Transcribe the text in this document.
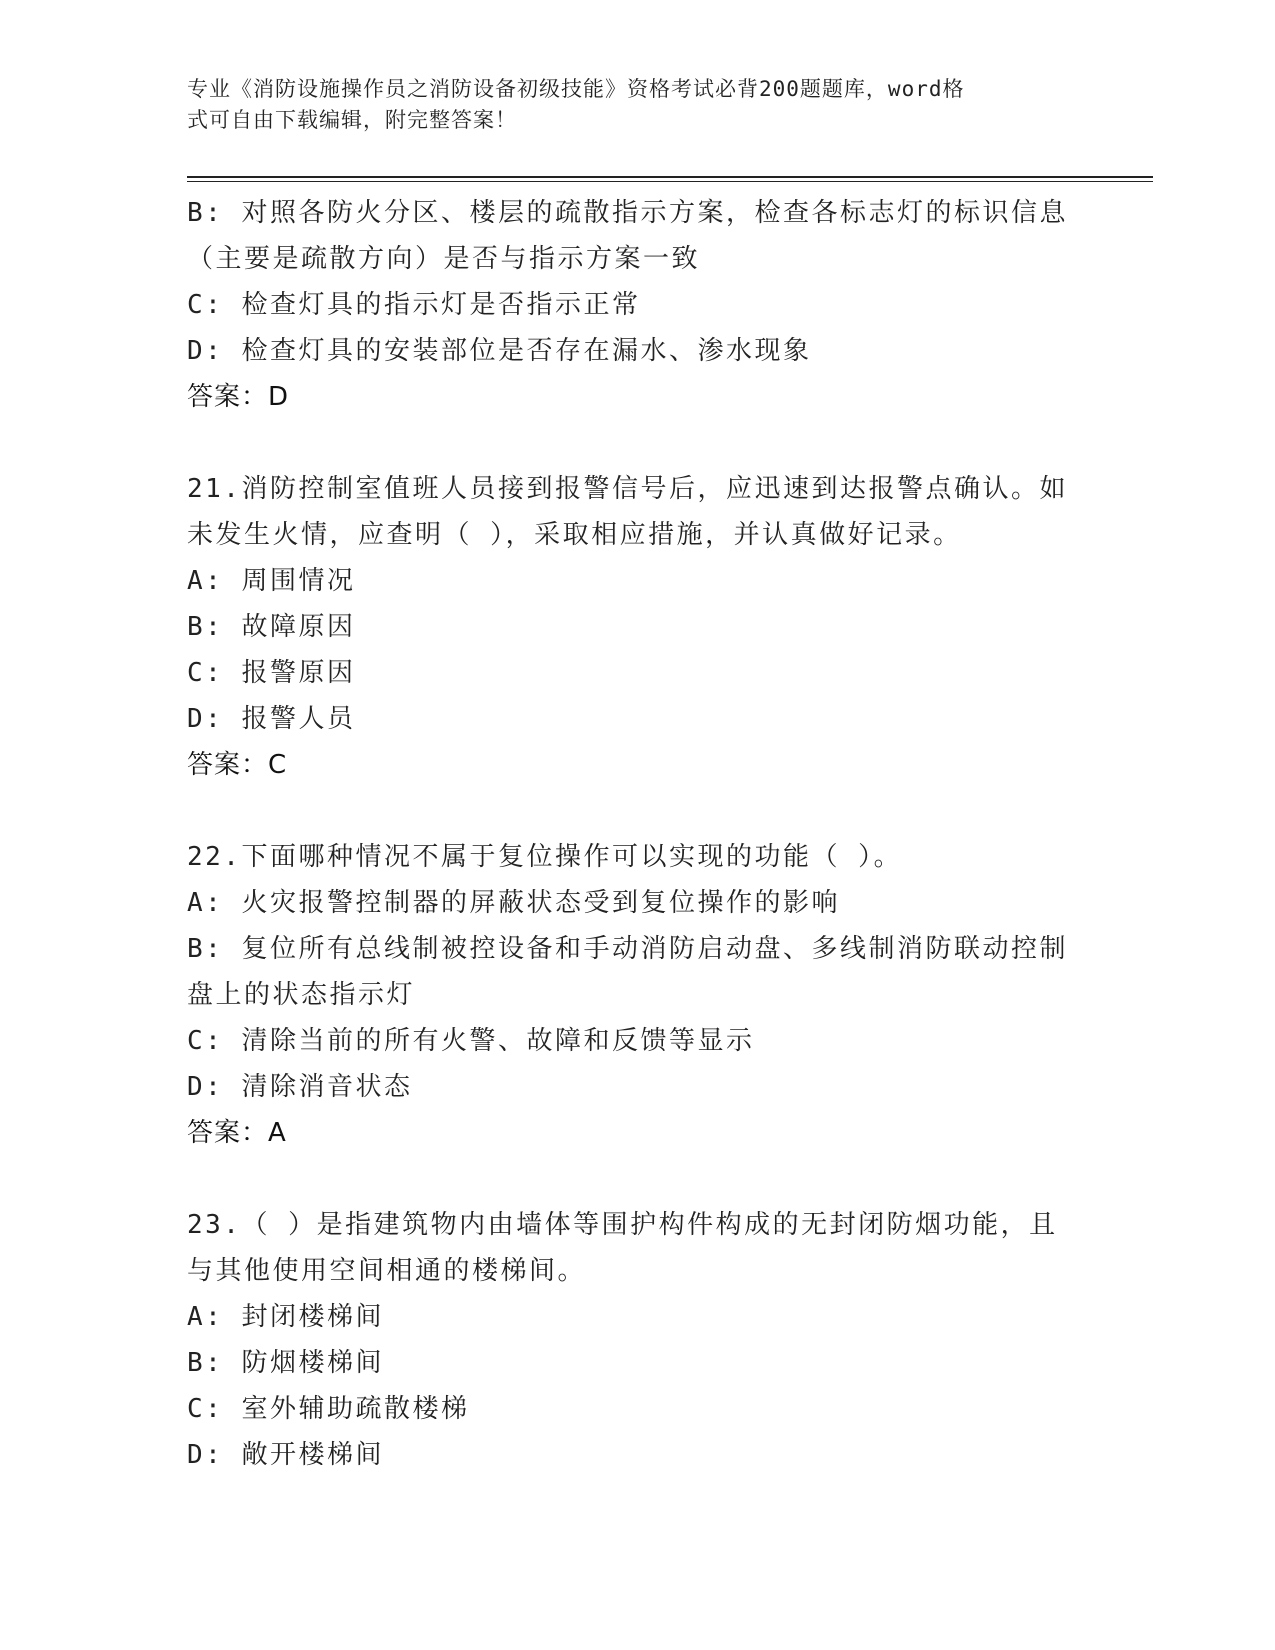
专业《消防设施操作员之消防设备初级技能》资格考试必背200题题库，word格
式可自由下载编辑，附完整答案！
B: 对照各防火分区、楼层的疏散指示方案，检查各标志灯的标识信息
（主要是疏散方向）是否与指示方案一致
C: 检查灯具的指示灯是否指示正常
D: 检查灯具的安装部位是否存在漏水、渗水现象
答案：D
21.消防控制室值班人员接到报警信号后，应迅速到达报警点确认。如
未发生火情，应查明（ ），采取相应措施，并认真做好记录。
A: 周围情况
B: 故障原因
C: 报警原因
D: 报警人员
答案：C
22.下面哪种情况不属于复位操作可以实现的功能（ ）。
A: 火灾报警控制器的屏蔽状态受到复位操作的影响
B: 复位所有总线制被控设备和手动消防启动盘、多线制消防联动控制
盘上的状态指示灯
C: 清除当前的所有火警、故障和反馈等显示
D: 清除消音状态
答案：A
23.（ ）是指建筑物内由墙体等围护构件构成的无封闭防烟功能，且
与其他使用空间相通的楼梯间。
A: 封闭楼梯间
B: 防烟楼梯间
C: 室外辅助疏散楼梯
D: 敞开楼梯间
